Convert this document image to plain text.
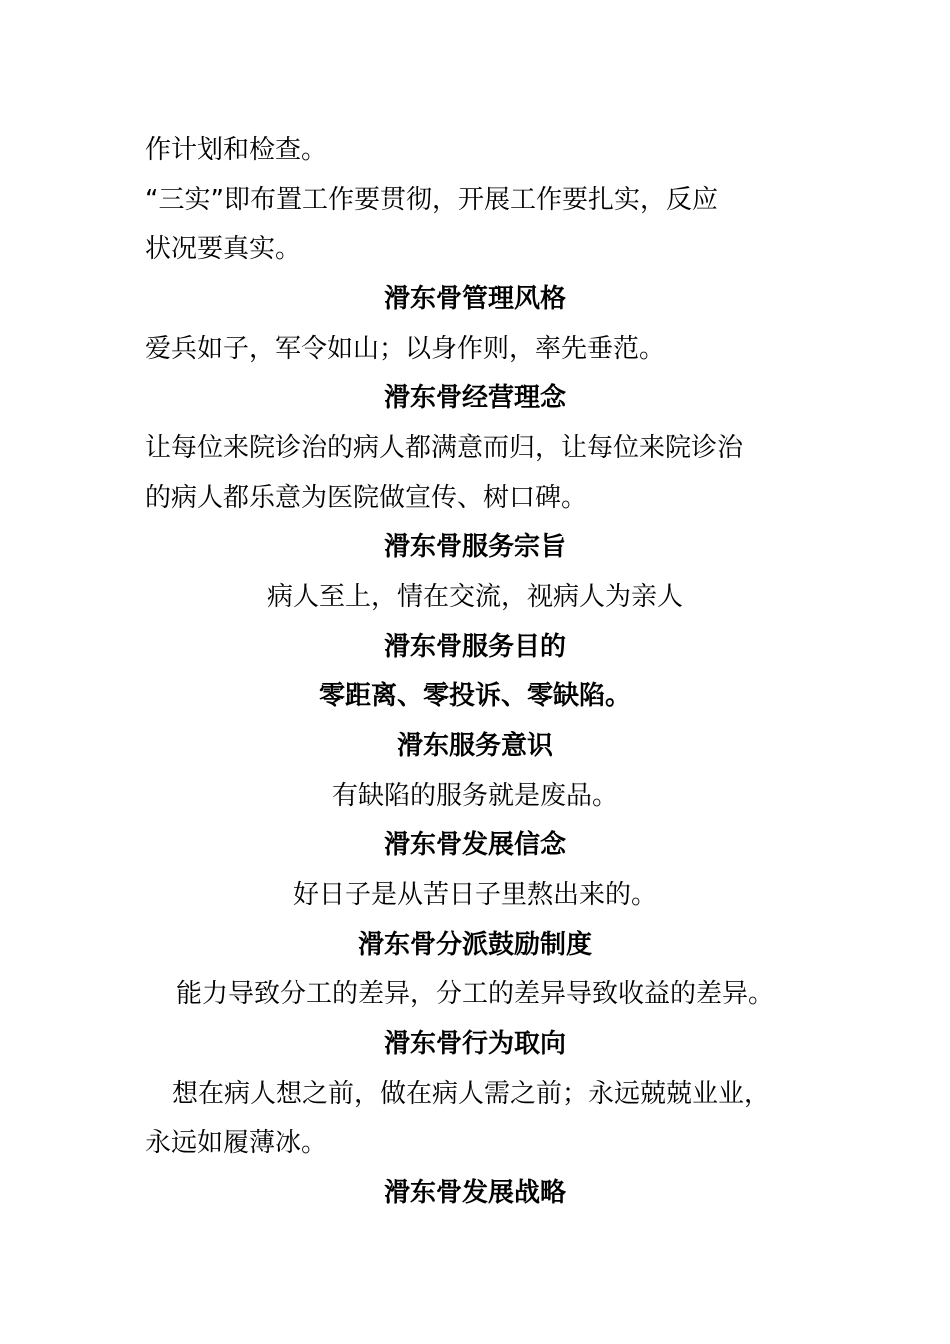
作计划和检查。
“三实”即布置工作要贯彻，开展工作要扎实，反应
状况要真实。
滑东骨管理风格
爱兵如子，军令如山；以身作则，率先垂范。
滑东骨经营理念
让每位来院诊治的病人都满意而归，让每位来院诊治
的病人都乐意为医院做宣传、树口碑。
滑东骨服务宗旨
病人至上，情在交流，视病人为亲人
滑东骨服务目的
零距离、零投诉、零缺陷。
滑东服务意识
有缺陷的服务就是废品。
滑东骨发展信念
好日子是从苦日子里熬出来的。
滑东骨分派鼓励制度
能力导致分工的差异，分工的差异导致收益的差异。
滑东骨行为取向
想在病人想之前，做在病人需之前；永远兢兢业业，
永远如履薄冰。
滑东骨发展战略
